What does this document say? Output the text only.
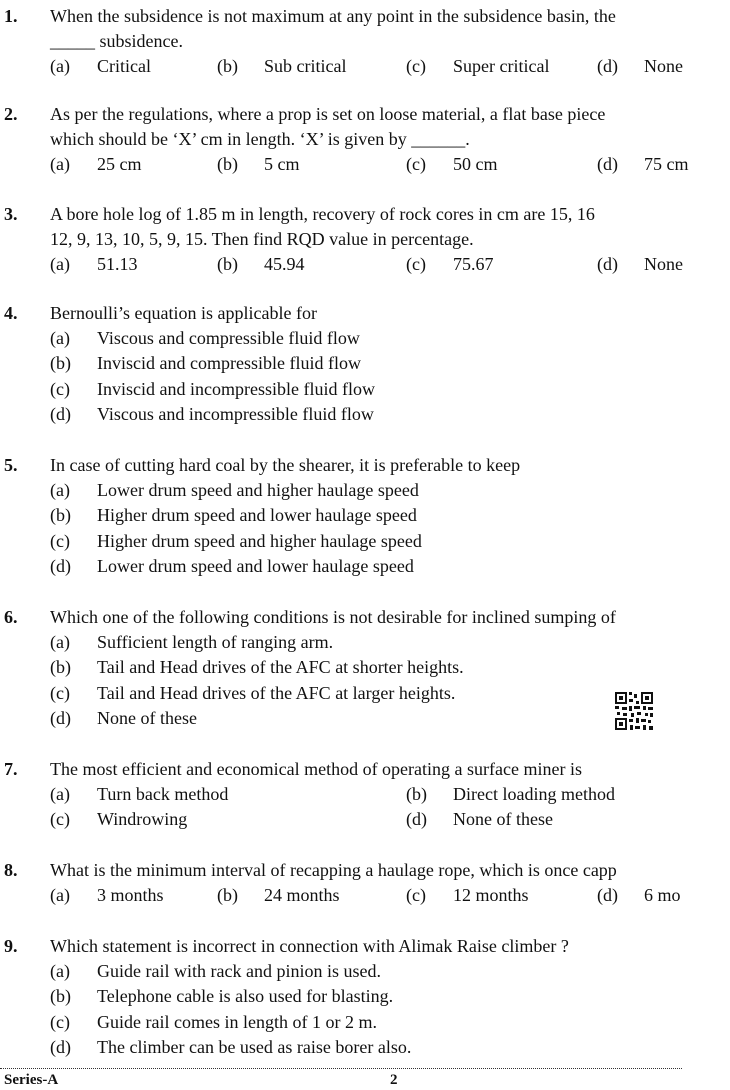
1. When the subsidence is not maximum at any point in the subsidence basin, the
_____ subsidence.
(a) Critical	(b) Sub critical	(c) Super critical	(d) None
2. As per the regulations, where a prop is set on loose material, a flat base piece
which should be ‘X’ cm in length. ‘X’ is given by ______.
(a) 25 cm	(b) 5 cm	(c) 50 cm	(d) 75 cm
3. A bore hole log of 1.85 m in length, recovery of rock cores in cm are 15, 16
12, 9, 13, 10, 5, 9, 15. Then find RQD value in percentage.
(a) 51.13	(b) 45.94	(c) 75.67	(d) None
4. Bernoulli’s equation is applicable for
(a) Viscous and compressible fluid flow
(b) Inviscid and compressible fluid flow
(c) Inviscid and incompressible fluid flow
(d) Viscous and incompressible fluid flow
5. In case of cutting hard coal by the shearer, it is preferable to keep
(a) Lower drum speed and higher haulage speed
(b) Higher drum speed and lower haulage speed
(c) Higher drum speed and higher haulage speed
(d) Lower drum speed and lower haulage speed
6. Which one of the following conditions is not desirable for inclined sumping of
(a) Sufficient length of ranging arm.
(b) Tail and Head drives of the AFC at shorter heights.
(c) Tail and Head drives of the AFC at larger heights.
(d) None of these
7. The most efficient and economical method of operating a surface miner is
(a) Turn back method	(b) Direct loading method
(c) Windrowing	(d) None of these
8. What is the minimum interval of recapping a haulage rope, which is once capp
(a) 3 months	(b) 24 months	(c) 12 months	(d) 6 mo
9. Which statement is incorrect in connection with Alimak Raise climber ?
(a) Guide rail with rack and pinion is used.
(b) Telephone cable is also used for blasting.
(c) Guide rail comes in length of 1 or 2 m.
(d) The climber can be used as raise borer also.
Series-A	2
